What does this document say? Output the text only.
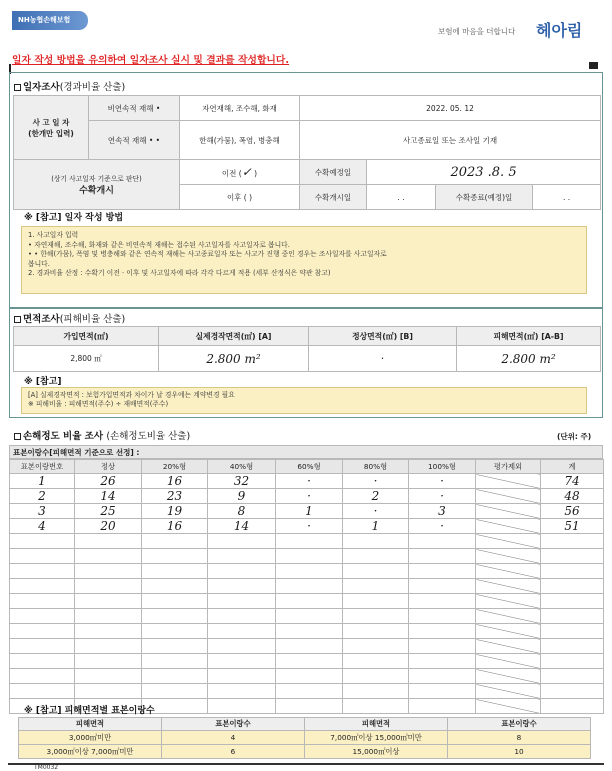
NH농협손해보험
보험에 마음을 더합니다 헤아림
일자 작성 방법을 유의하여 일자조사 실시 및 결과를 작성합니다.
일자조사(경과비율 산출)
사 고 일 자
(한개만 입력)	비연속적 재해 •	자연재해, 조수해, 화재	2022. 05. 12			
	연속적 재해 • •	한해(가뭄), 폭염, 병충해	사고종료일 또는 조사일 기재			

(상기 사고일자 기준으로 판단)
수확개시		이전 (✓ )	수확예정일	2023 .8. 5		
		이후 ( )	수확개시일	. .	수확종료(예정)일	. .
※ [참고] 일자 작성 방법
1. 사고일자 입력
• 자연재해, 조수해, 화재와 같은 비연속적 재해는 접수된 사고일자를 사고일자로 봅니다.
• • 한해(가뭄), 폭염 및 병충해와 같은 연속적 재해는 사고종료일자 또는 사고가 진행 중인 경우는 조사일자를 사고일자로
봅니다.
2. 경과비율 산정 : 수확기 이전 · 이후 및 사고일자에 따라 각각 다르게 적용 (세부 산정식은 약관 참고)
면적조사(피해비율 산출)
가입면적(㎡)	실제경작면적(㎡) [A]	정상면적(㎡) [B]	피해면적(㎡) [A-B]
2,800 ㎡	2.800 m²	·	2.800 m²
※ [참고]
[A] 실제경작면적 : 보험가입면적과 차이가 날 경우에는 계약변경 필요
※ 피해비율 : 피해면적(주수) ÷ 재배면적(주수)
손해정도 비율 조사 (손해정도비율 산출)	(단위: 주)
표본이랑수[피해면적 기준으로 선정] :
표본이랑번호	정상	20%형	40%형	60%형	80%형	100%형	평가제외	계
1	26	16	32	·	·	·		74
2	14	23	9	·	2	·		48
3	25	19	8	1	·	3		56
4	20	16	14	·	1	·		51

※ [참고] 피해면적별 표본이랑수
피해면적	표본이랑수	피해면적	표본이랑수
3,000㎡미만	4	7,000㎡이상 15,000㎡미만	8
3,000㎡이상 7,000㎡미만	6	15,000㎡이상	10
TM0032
